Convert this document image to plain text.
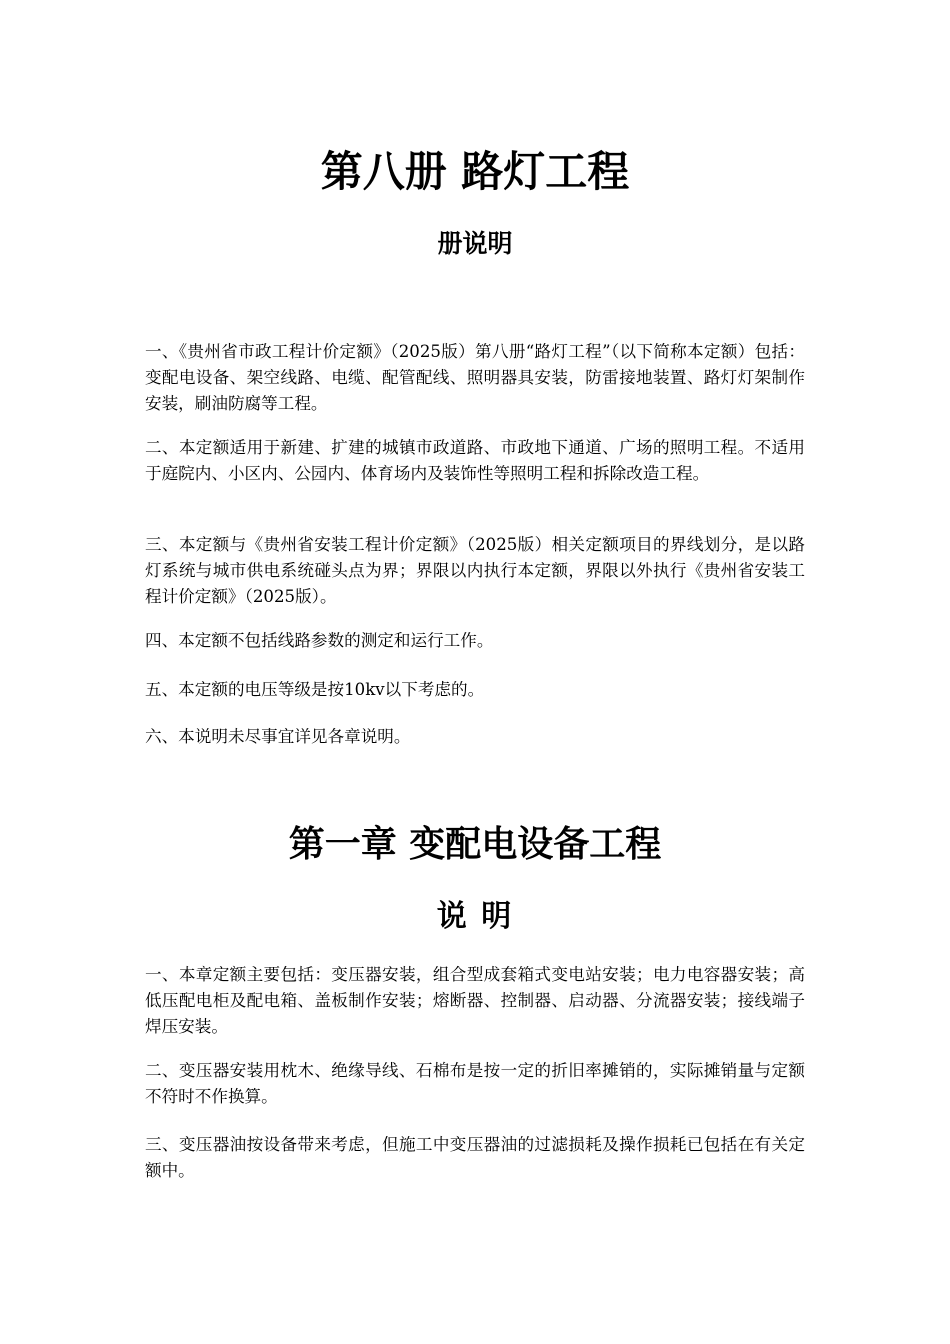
第八册 路灯工程
册说明

一、《贵州省市政工程计价定额》（2025版）第八册“路灯工程”（以下简称本定额）包括：变配电设备、架空线路、电缆、配管配线、照明器具安装，防雷接地装置、路灯灯架制作安装，刷油防腐等工程。

二、本定额适用于新建、扩建的城镇市政道路、市政地下通道、广场的照明工程。不适用于庭院内、小区内、公园内、体育场内及装饰性等照明工程和拆除改造工程。

三、本定额与《贵州省安装工程计价定额》（2025版）相关定额项目的界线划分，是以路灯系统与城市供电系统碰头点为界；界限以内执行本定额，界限以外执行《贵州省安装工程计价定额》（2025版）。

四、本定额不包括线路参数的测定和运行工作。

五、本定额的电压等级是按10kv以下考虑的。

六、本说明未尽事宜详见各章说明。

第一章 变配电设备工程
说 明

一、本章定额主要包括：变压器安装，组合型成套箱式变电站安装；电力电容器安装；高低压配电柜及配电箱、盖板制作安装；熔断器、控制器、启动器、分流器安装；接线端子焊压安装。

二、变压器安装用枕木、绝缘导线、石棉布是按一定的折旧率摊销的，实际摊销量与定额不符时不作换算。

三、变压器油按设备带来考虑，但施工中变压器油的过滤损耗及操作损耗已包括在有关定额中。
